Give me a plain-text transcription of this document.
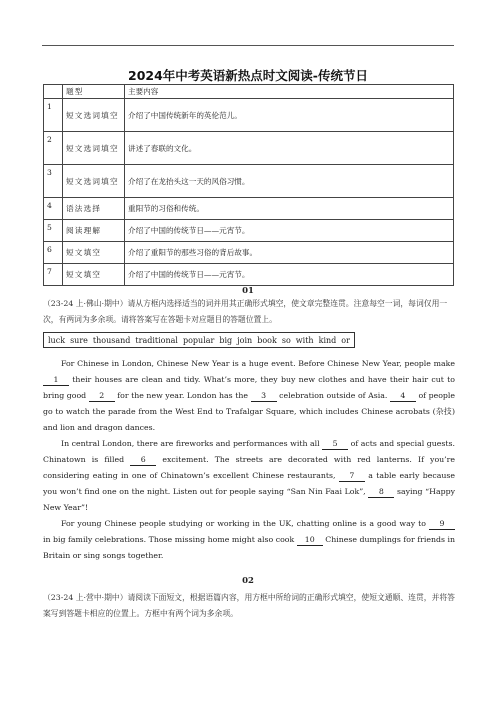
2024年中考英语新热点时文阅读-传统节日
	题型	主要内容
1	短文选词填空	介绍了中国传统新年的英伦范儿。
2	短文选词填空	讲述了春联的文化。
3	短文选词填空	介绍了在龙抬头这一天的风俗习惯。
4	语法选择	重阳节的习俗和传统。
5	阅读理解	介绍了中国的传统节日——元宵节。
6	短文填空	介绍了重阳节的那些习俗的背后故事。
7	短文填空	介绍了中国的传统节日——元宵节。
01
（23-24 上·佛山·期中）请从方框内选择适当的词并用其正确形式填空，使文章完整连贯。注意每空一词，每词仅用一次，有两词为多余项。请将答案写在答题卡对应题目的答题位置上。
luck sure thousand traditional popular big join book so with kind or

For Chinese in London, Chinese New Year is a huge event. Before Chinese New Year, people make 1 their houses are clean and tidy. What’s more, they buy new clothes and have their hair cut to bring good 2 for the new year. London has the 3 celebration outside of Asia. 4 of people go to watch the parade from the West End to Trafalgar Square, which includes Chinese acrobats (杂技) and lion and dragon dances.

In central London, there are fireworks and performances with all 5 of acts and special guests. Chinatown is filled 6 excitement. The streets are decorated with red lanterns. If you’re considering eating in one of Chinatown’s excellent Chinese restaurants, 7 a table early because you won’t find one on the night. Listen out for people saying “San Nin Faai Lok”, 8 saying “Happy New Year”!

For young Chinese people studying or working in the UK, chatting online is a good way to 9 in big family celebrations. Those missing home might also cook 10 Chinese dumplings for friends in Britain or sing songs together.

02
（23-24 上·营中·期中）请阅读下面短文，根据语篇内容，用方框中所给词的正确形式填空，使短文通顺、连贯，并将答案写到答题卡相应的位置上。方框中有两个词为多余项。
